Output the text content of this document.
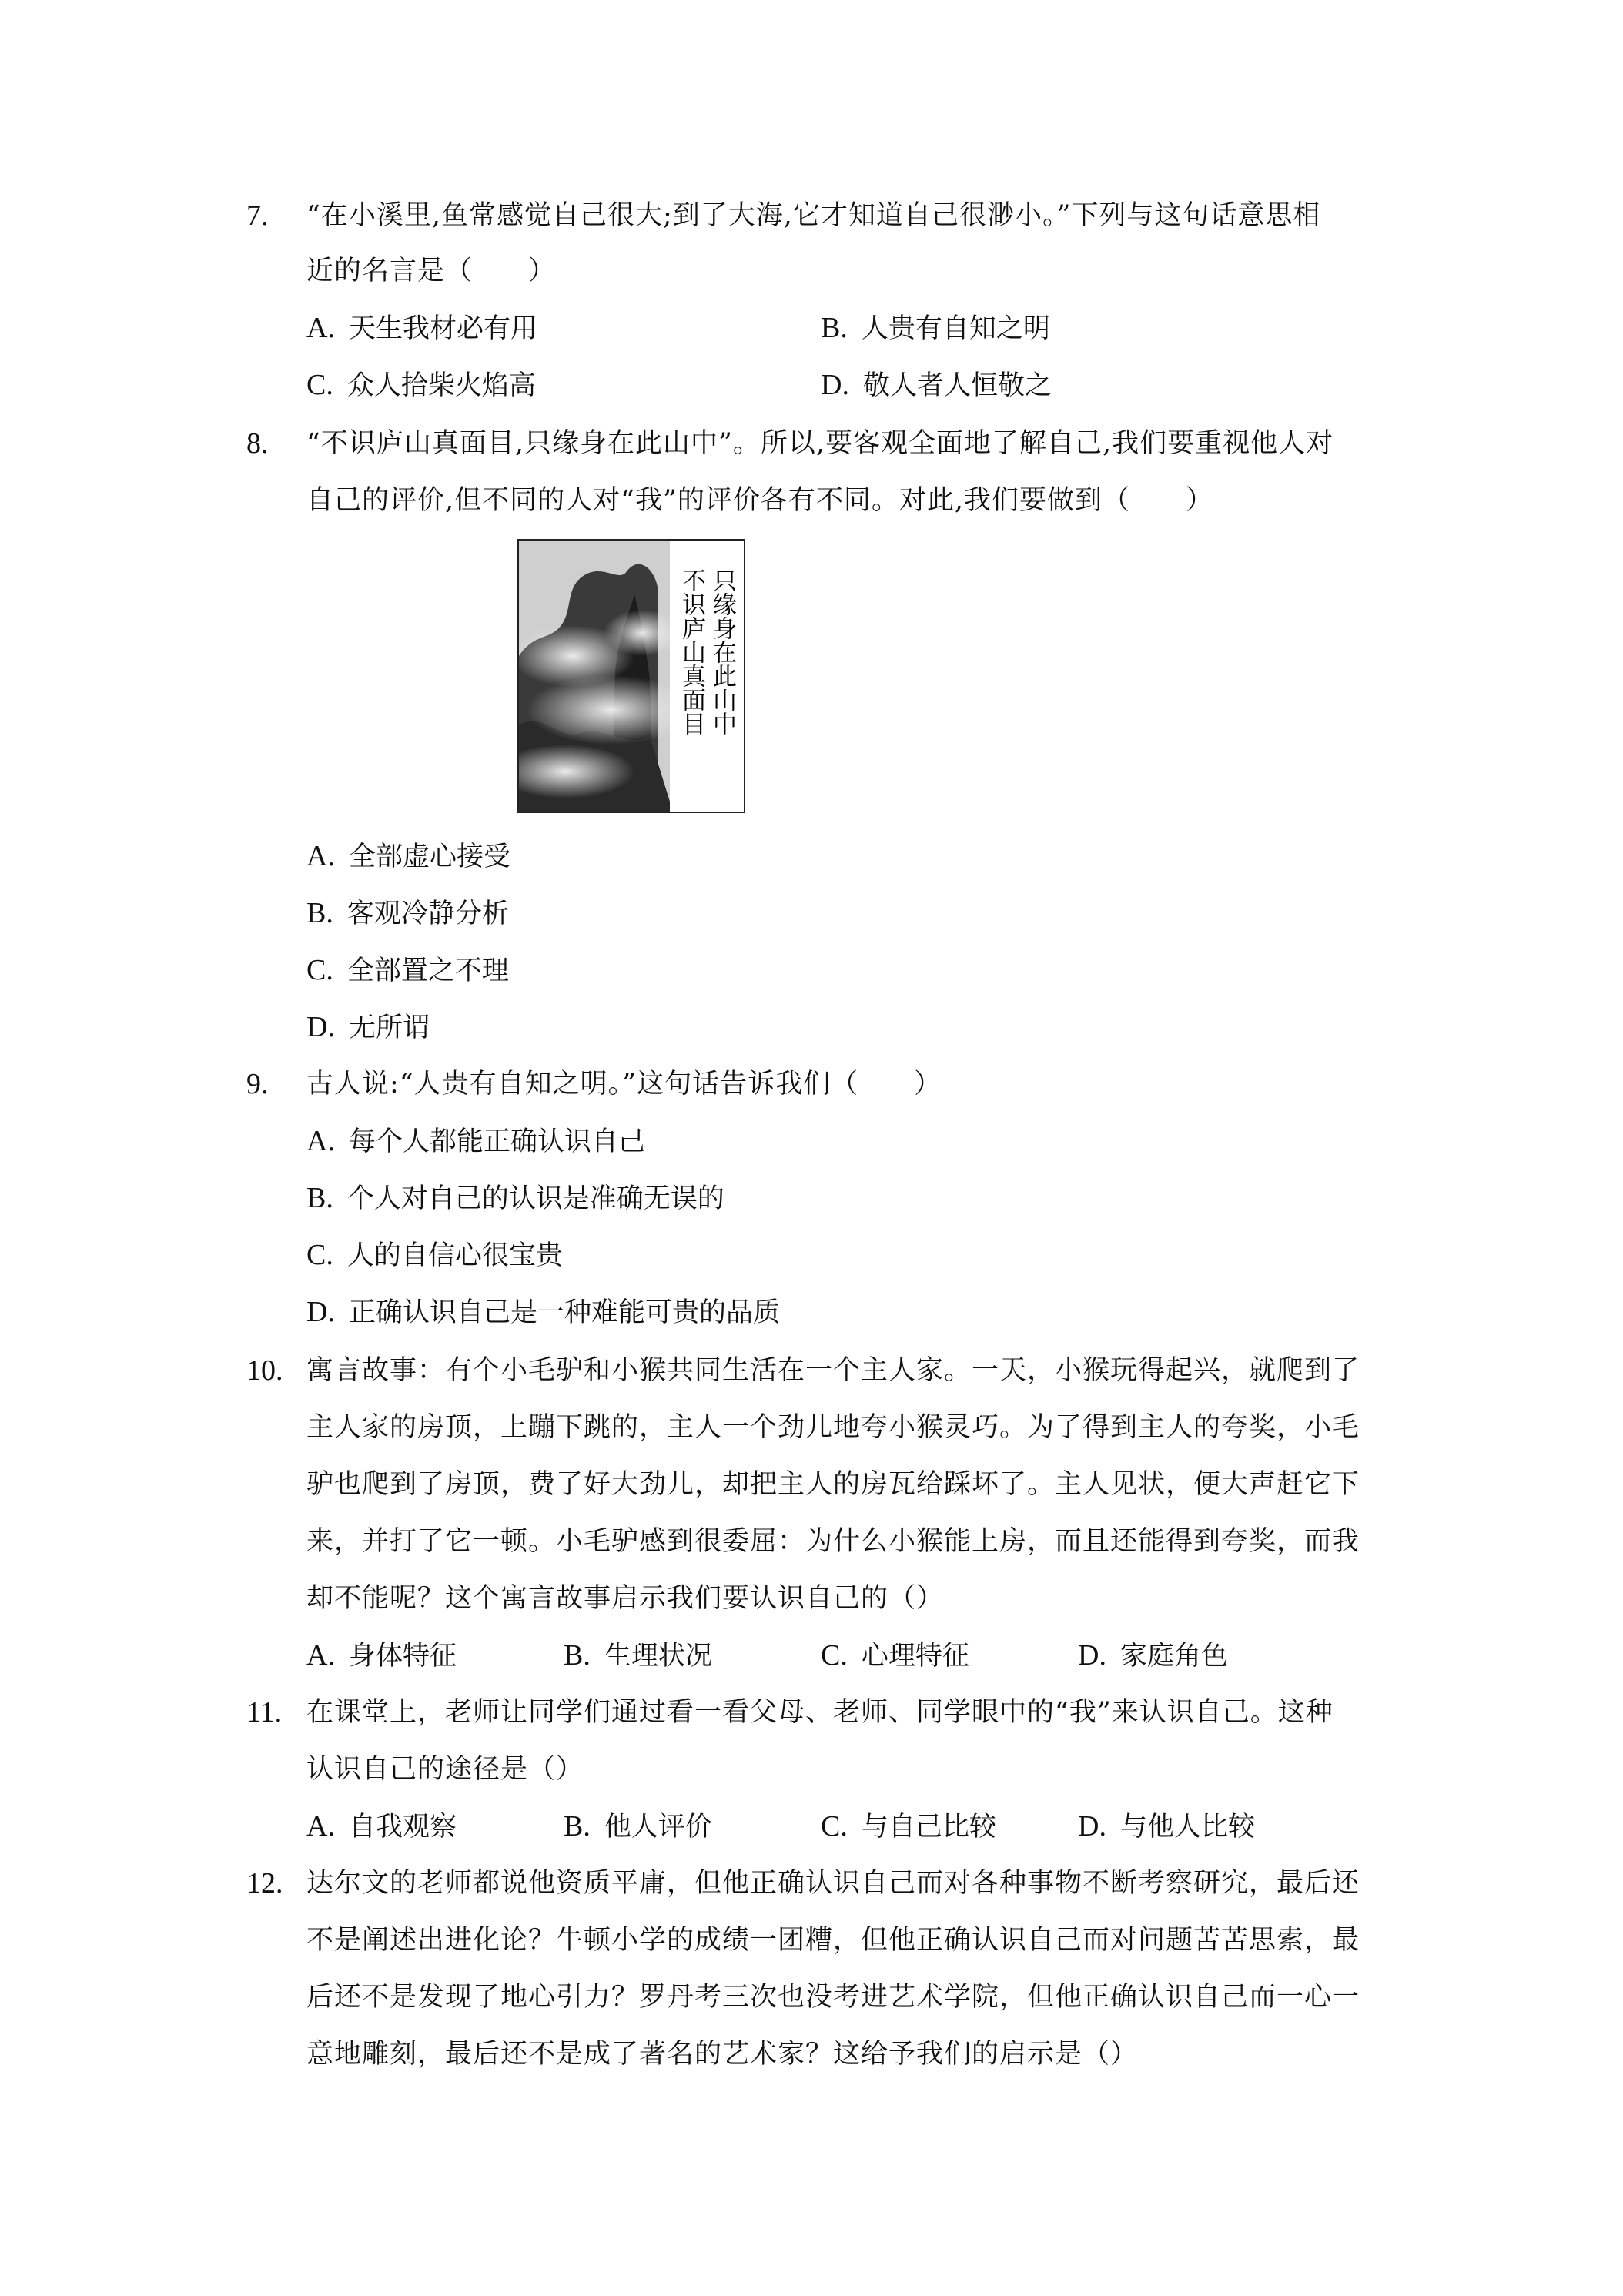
7. “在小溪里,鱼常感觉自己很大;到了大海,它才知道自己很渺小。”下列与这句话意思相
近的名言是（　　）
A. 天生我材必有用	B. 人贵有自知之明
C. 众人拾柴火焰高	D. 敬人者人恒敬之
8. “不识庐山真面目,只缘身在此山中”。所以,要客观全面地了解自己,我们要重视他人对
自己的评价,但不同的人对“我”的评价各有不同。对此,我们要做到（　　）
只缘身在此山中
不识庐山真面目
A. 全部虚心接受
B. 客观冷静分析
C. 全部置之不理
D. 无所谓
9. 古人说:“人贵有自知之明。”这句话告诉我们（　　）
A. 每个人都能正确认识自己
B. 个人对自己的认识是准确无误的
C. 人的自信心很宝贵
D. 正确认识自己是一种难能可贵的品质
10. 寓言故事：有个小毛驴和小猴共同生活在一个主人家。一天，小猴玩得起兴，就爬到了
主人家的房顶，上蹦下跳的，主人一个劲儿地夸小猴灵巧。为了得到主人的夸奖，小毛
驴也爬到了房顶，费了好大劲儿，却把主人的房瓦给踩坏了。主人见状，便大声赶它下
来，并打了它一顿。小毛驴感到很委屈：为什么小猴能上房，而且还能得到夸奖，而我
却不能呢？这个寓言故事启示我们要认识自己的（）
A. 身体特征	B. 生理状况	C. 心理特征	D. 家庭角色
11. 在课堂上，老师让同学们通过看一看父母、老师、同学眼中的“我”来认识自己。这种
认识自己的途径是（）
A. 自我观察	B. 他人评价	C. 与自己比较	D. 与他人比较
12. 达尔文的老师都说他资质平庸，但他正确认识自己而对各种事物不断考察研究，最后还
不是阐述出进化论？牛顿小学的成绩一团糟，但他正确认识自己而对问题苦苦思索，最
后还不是发现了地心引力？罗丹考三次也没考进艺术学院，但他正确认识自己而一心一
意地雕刻，最后还不是成了著名的艺术家？这给予我们的启示是（）
